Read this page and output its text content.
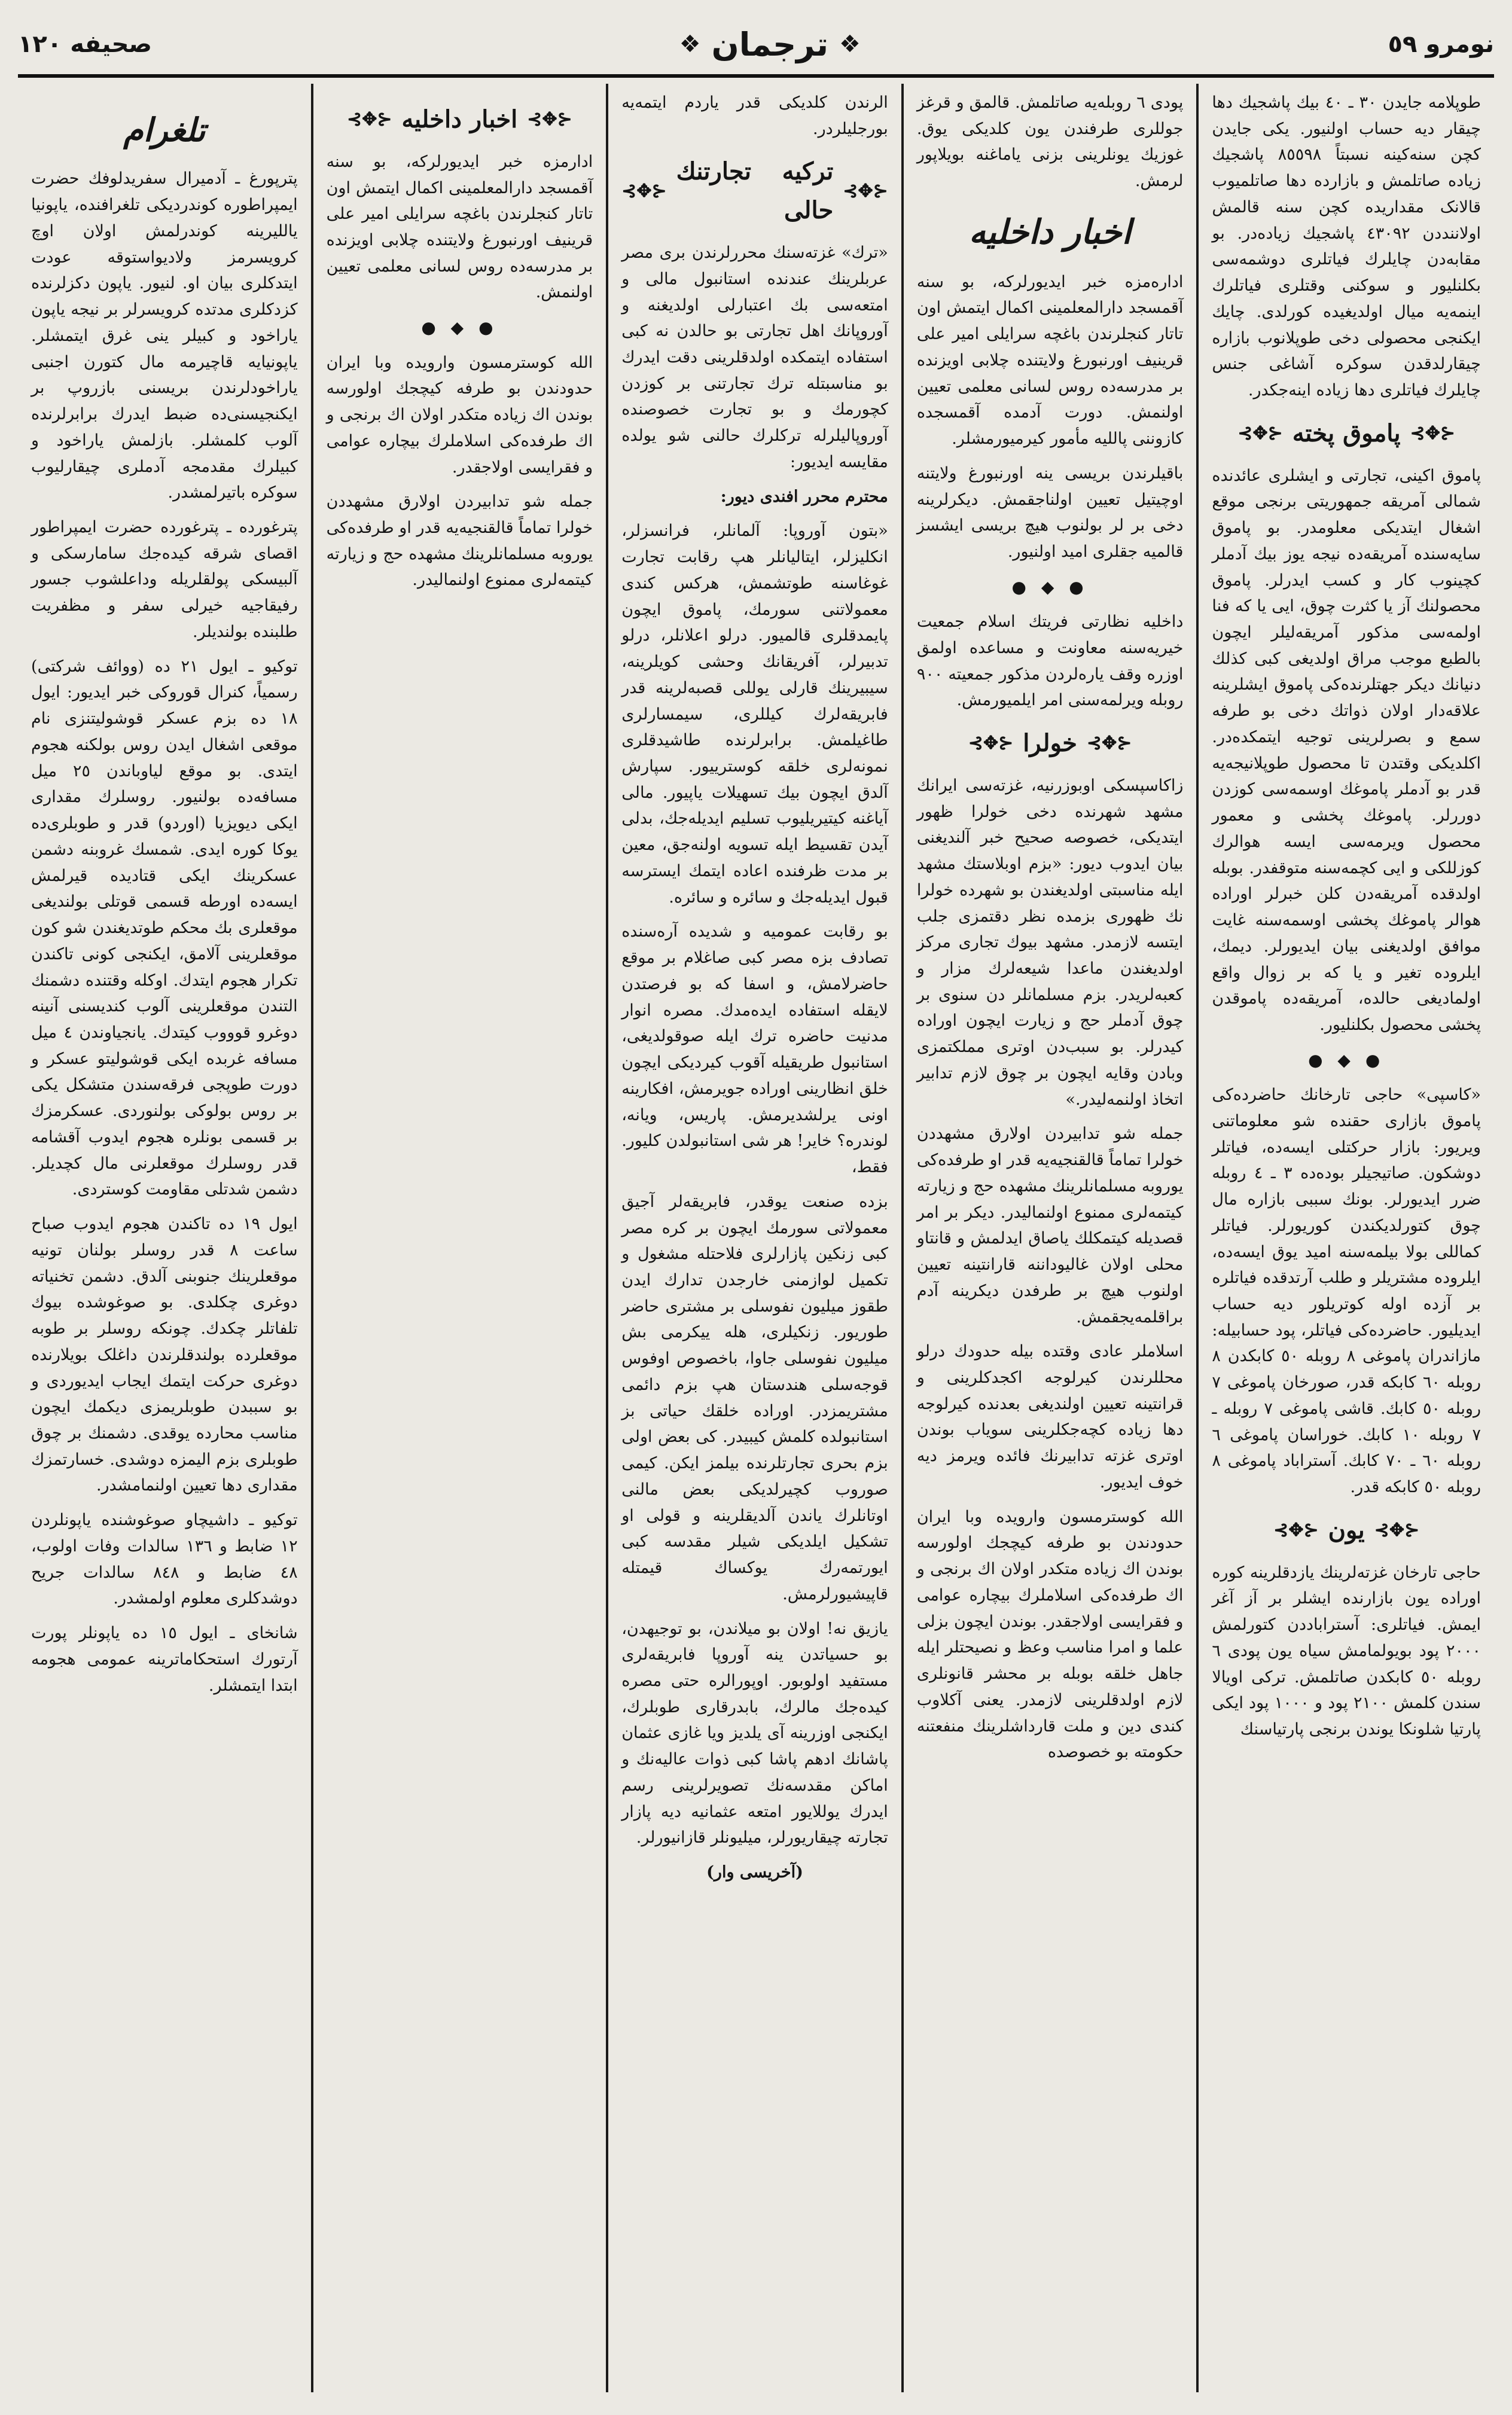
نومرو ٥٩
❖
ترجمان
❖
صحیفه ١٢٠

طوپلامه جایدن ٣٠ ـ ٤٠ بیك پاشجیك دها چیقار دیه حساب اولنیور. یکی جایدن کچن سنه‌کینه نسبتاً ٨٥٥٩٨ پاشجیك زیاده صاتلمش و بازارده دها صاتلمیوب قالانک مقداریده کچن سنه قالمش اولاننددن ٤٣٠٩٢ پاشجیك زیاده‌در. بو مقابه‌دن چایلرك فیاتلری دوشمه‌سی بکلنلیور و سوکنی وقتلری فیاتلرك اینمه‌یه میال اولدیغیده کورلدی. چایك ایکنجی محصولی دخی طوپلانوب بازاره چیقارلدقدن سوکره آشاغی جنس چایلرك فیاتلری دها زیاده اینه‌جکدر.

⊰✥⊱
پاموق پخته
⊰✥⊱

پاموق اکینی، تجارتی و ایشلری عائدنده شمالی آمریقه جمهوریتی برنجی موقع اشغال ایتدیکی معلومدر. بو پاموق سایه‌سنده آمریقه‌ده نیجه یوز بیك آدملر کچینوب کار و کسب ایدرلر. پاموق محصولنك آز یا کثرت چوق، ایی یا که فنا اولمه‌سی مذکور آمریقه‌لیلر ایچون بالطبع موجب مراق اولدیغی کبی کذلك دنیانك دیکر جهتلرنده‌کی پاموق ایشلرینه علاقه‌دار اولان ذواتك دخی بو طرفه سمع و بصرلرینی توجیه ایتمکده‌در. اکلدیکی وقتدن تا محصول طوپلانیجه‌یه قدر بو آدملر پاموغك اوسمه‌سی کوزدن دوررلر. پاموغك پخشی و معمور محصول ویرمه‌سی ایسه هوالرك کوزللکی و ایی کچمه‌سنه متوقفدر. بوبله اولدقده آمریقه‌دن کلن خبرلر اوراده هوالر پاموغك پخشی اوسمه‌سنه غایت موافق اولدیغنی بیان ایدیورلر. دیمك، ایلروده تغیر و یا که بر زوال واقع اولمادیغی حالده، آمریقه‌ده پاموقدن پخشی محصول بکلنلیور.

● ◆ ●

«کاسپی» حاجی تارخانك حاضرده‌کی پاموق بازاری حقنده شو معلوماتنی ویریور: بازار حرکتلی ایسه‌ده، فیاتلر دوشکون. صاتیجیلر بوده‌ده ٣ ـ ٤ روبله ضرر ایدیورلر. بونك سببی بازاره مال چوق کتورلدیکندن کوریورلر. فیاتلر کماللی بولا بیلمه‌سنه امید یوق ایسه‌ده، ایلروده مشتریلر و طلب آرتدقده فیاتلره بر آزده اوله کوتریلور دیه حساب ایدیلیور. حاضرده‌کی فیاتلر، پود حسابیله: مازاندران پاموغی ٨ روبله ٥٠ کابکدن ٨ روبله ٦٠ کابکه قدر، صورخان پاموغی ٧ روبله ٥٠ کابك. قاشی پاموغی ٧ روبله ـ ٧ روبله ١٠ کابك. خوراسان پاموغی ٦ روبله ٦٠ ـ ٧٠ کابك. آستراباد پاموغی ٨ روبله ٥٠ کابکه قدر.

⊰✥⊱
یون
⊰✥⊱

حاجی تارخان غزته‌لرینك یازدقلرینه کوره اوراده یون بازارنده ایشلر بر آز آغر ایمش. فیاتلری: آستراباددن کتورلمش ٢٠٠٠ پود بویولمامش سیاه یون پودی ٦ روبله ٥٠ کابکدن صاتلمش. ترکی اویالا سندن کلمش ٢١٠٠ پود و ١٠٠٠ پود ایکی پارتیا شلونکا یوندن برنجی پارتیاسنك

پودی ٦ روبله‌یه صاتلمش. قالمق و قرغز جوللری طرفندن یون کلدیکی یوق. غوزیك یونلرینی بزنی یاماغنه بویلاپور لرمش.

اخبار داخلیه

اداره‌مزه خبر ایدیورلرکه، بو سنه آقمسجد دارالمعلمینی اکمال ایتمش اون تاتار کنجلرندن باغچه سرایلی امیر علی قرینیف اورنبورغ ولایتنده چلابی اویزنده بر مدرسه‌ده روس لسانی معلمی تعیین اولنمش. دورت آدمده آقمسجده کازوننی پاللیه مأمور کیرمیورمشلر.

باقیلرندن بریسی ینه اورنبورغ ولایتنه اوچیتیل تعیین اولناجقمش. دیکرلرینه دخی بر لر بولنوب هیچ بریسی ایشسز قالمیه جقلری امید اولنیور.

● ◆ ●

داخلیه نظارتی فریتك اسلام جمعیت خیریه‌سنه معاونت و مساعده اولمق اوزره وقف یاره‌لردن مذکور جمعیته ٩٠٠ روبله ویرلمه‌سنی امر ایلمیورمش.

⊰✥⊱
خولرا
⊰✥⊱

زاکاسپسکی اوبوزرنیه، غزته‌سی ایرانك مشهد شهرنده دخی خولرا ظهور ایتدیکی، خصوصه صحیح خبر آلندیغنی بیان ایدوب دیور: «بزم اوبلاستك مشهد ایله مناسبتی اولدیغندن بو شهرده خولرا نك ظهوری بزمده نظر دقتمزی جلب ایتسه لازمدر. مشهد بیوك تجاری مرکز اولدیغندن ماعدا شیعه‌لرك مزار و کعبه‌لریدر. بزم مسلمانلر دن سنوی بر چوق آدملر حج و زیارت ایچون اوراده کیدرلر. بو سبب‌دن اوتری مملکتمزی وبادن وقایه ایچون بر چوق لازم تدابیر اتخاذ اولنمه‌لیدر.»

جمله شو تدابیردن اولارق مشهددن خولرا تماماً قالقنجیه‌یه قدر او طرفده‌کی یوروبه مسلمانلرینك مشهده حج و زیارته کیتمه‌لری ممنوع اولنمالیدر. دیکر بر امر قصدیله کیتمکلك یاصاق ایدلمش و قانتاو محلی اولان غالیوداننه قارانتینه تعیین اولنوب هیچ بر طرفدن دیکرینه آدم براقلمه‌یجقمش.

اسلاملر عادی وقتده بیله حدودك درلو محللرندن کیرلوجه اکجدکلرینی و قرانتینه تعیین اولندیغی بعدنده کیرلوجه دها زیاده کچه‌جکلرینی سویاب بوندن اوتری غزته تدابیرنك فائده ویرمز دیه خوف ایدیور.

الله کوسترمسون وارویده وبا ایران حدودندن بو طرفه کیچجك اولورسه بوندن اك زیاده متکدر اولان اك برنجی و اك طرفده‌کی اسلاملرك بیچاره عوامی و فقرایسی اولاجقدر. بوندن ایچون بزلی علما و امرا مناسب وعظ و نصیحتلر ایله جاهل خلقه بوبله بر محشر قانونلری لازم اولدقلرینی لازمدر. یعنی آکلاوب کندی دین و ملت قارداشلرینك منفعتنه حکومته بو خصوصده

الرندن کلدیکی قدر یاردم ایتمه‌یه بورجلیلردر.

⊰✥⊱
ترکیه تجارتنك حالی
⊰✥⊱

«ترك» غزته‌سنك محررلرندن بری مصر عربلرینك عندنده استانبول مالی و امتعه‌سی بك اعتبارلی اولدیغنه و آوروپانك اهل تجارتی بو حالدن نه کبی استفاده ایتمکده اولدقلرینی دقت ایدرك بو مناسبتله ترك تجارتنی بر کوزدن کچورمك و بو تجارت خصوصنده آوروپالیلرله ترکلرك حالنی شو یولده مقایسه ایدیور:

محترم محرر افندی دیور:

«بتون آوروپا: آلمانلر، فرانسزلر، انکلیزلر، ایتالیانلر هپ رقابت تجارت غوغاسنه طوتشمش، هرکس کندی معمولاتنی سورمك، پاموق ایچون پایمدقلری قالمیور. درلو اعلانلر، درلو تدبیرلر، آفریقانك وحشی کویلرینه، سیبیرینك قارلی یوللی قصبه‌لرینه قدر فابریقه‌لرك کیللری، سیمسارلری طاغیلمش. برابرلرنده طاشیدقلری نمونه‌لری خلقه کوسترییور. سپارش آلدق ایچون بیك تسهیلات یاپیور. مالی آیاغنه کیتیریلیوب تسلیم ایدیله‌جك، بدلی آیدن تقسیط ایله تسویه اولنه‌جق، معین بر مدت ظرفنده اعاده ایتمك ایسترسه قبول ایدیله‌جك و سائره و سائره.

بو رقابت عمومیه و شدیده آره‌سنده تصادف بزه مصر کبی صاغلام بر موقع حاضرلامش، و اسفا که بو فرصتدن لایقله استفاده ایده‌مدك. مصره انوار مدنیت حاضره ترك ایله صوقولدیغی، استانبول طریقیله آقوب کیردیکی ایچون خلق انظارینی اوراده جویرمش، افکارینه اونی یرلشدیرمش. پاریس، ویانه، لوندره؟ خایر! هر شی استانبولدن کلیور. فقط،

بزده صنعت یوقدر، فابریقه‌لر آجیق معمولاتی سورمك ایچون بر کره مصر کبی زنکین پازارلری فلاحتله مشغول و تکمیل لوازمنی خارجدن تدارك ایدن طقوز میلیون نفوسلی بر مشتری حاضر طوریور. زنکیلری، هله ییکرمی بش میلیون نفوسلی جاوا، باخصوص اوفوس قوجه‌سلی هندستان هپ بزم دائمی مشتریمزدر. اوراده خلقك حیاتی بز استانبولده کلمش کیبیدر. کی بعض اولی بزم بحری تجارتلرنده بیلمز ایکن. کیمی صوروب کچیرلدیکی بعض مالنی اوتانلرك یاندن آلدیقلرینه و قولی او تشکیل ایلدیکی شیلر مقدسه کبی ایورتمه‌رك یوکساك قیمتله قاپیشیورلرمش.

یازیق نه! اولان بو میلاندن، بو توجیهدن، بو حسیاتدن ینه آوروپا فابریقه‌لری مستفید اولوبور. اوپورالره حتی مصره کیده‌جك مالرك، بابدرقاری طوبلرك، ایکنجی اوزرینه آی یلدیز ویا غازی عثمان پاشانك ادهم پاشا کبی ذوات عالیه‌نك و اماکن مقدسه‌نك تصویرلرینی رسم ایدرك یوللایور امتعه عثمانیه دیه پازار تجارته چیقاریورلر، میلیونلر قازانیورلر.

(آخریسی وار)
⊰✥⊱
اخبار داخلیه
⊰✥⊱

ادارمزه خبر ایدیورلرکه، بو سنه آقمسجد دارالمعلمینی اکمال ایتمش اون تاتار کنجلرندن باغچه سرایلی امیر علی قرینیف اورنبورغ ولایتنده چلابی اویزنده بر مدرسه‌ده روس لسانی معلمی تعیین اولنمش.

● ◆ ●

الله کوسترمسون وارویده وبا ایران حدودندن بو طرفه کیچجك اولورسه بوندن اك زیاده متکدر اولان اك برنجی و اك طرفده‌کی اسلاملرك بیچاره عوامی و فقرایسی اولاجقدر.

جمله شو تدابیردن اولارق مشهددن خولرا تماماً قالقنجیه‌یه قدر او طرفده‌کی یوروبه مسلمانلرینك مشهده حج و زیارته کیتمه‌لری ممنوع اولنمالیدر.

تلغرام

پترپورغ ـ آدمیرال سفریدلوفك حضرت ایمپراطوره کوندردیکی تلغرافنده، یاپونیا یاللیرینه کوندرلمش اولان اوچ کرویسرمز ولادیواستوقه عودت ایتدکلری بیان او. لنیور. یاپون دکزلرنده کزدکلری مدتده کرویسرلر بر نیجه یاپون یاراخود و کبیلر ینی غرق ایتمشلر. یاپونیایه قاچیرمه مال کتورن اجنبی یاراخودلرندن بریسنی بازروپ بر ایکنجیسنی‌ده ضبط ایدرك برابرلرنده آلوب کلمشلر. بازلمش یاراخود و کبیلرك مقدمجه آدملری چیقارلیوب سوکره باتیرلمشدر.

پترغورده ـ پترغورده حضرت ایمپراطور اقصای شرقه کیده‌جك سامارسکی و آلبیسکی پولقلریله وداعلشوب جسور رفیقاجیه خیرلی سفر و مظفریت طلبنده بولندیلر.

توکیو ـ ایول ٢١ ده (ووائف شرکتی) رسمیاً، کنرال قوروکی خبر ایدیور: ایول ١٨ ده بزم عسکر قوشولیتنزی نام موقعی اشغال ایدن روس بولکنه هجوم ایتدی. بو موقع لیاوباندن ٢٥ میل مسافه‌ده بولنیور. روسلرك مقداری ایکی دیویزیا (اوردو) قدر و طوبلری‌ده یوکا کوره ایدی. شمسك غروبنه دشمن عسکرینك ایکی قتادیده قیرلمش ایسه‌ده اورطه قسمی قوتلی بولندیغی موقعلری بك محکم طوتدیغندن شو کون موقعلرینی آلامق، ایکنجی کونی تاکندن تکرار هجوم ایتدك. اوکله وقتنده دشمنك التندن موقعلرینی آلوب کندیسنی آنینه دوغرو قوووب کیتدك. یانجیاوندن ٤ میل مسافه غربده ایکی قوشولیتو عسکر و دورت طوپجی فرقه‌سندن متشکل یکی بر روس بولوکی بولنوردی. عسکرمزك بر قسمی بونلره هجوم ایدوب آقشامه قدر روسلرك موقعلرنی مال کچدیلر. دشمن شدتلی مقاومت کوستردی.

ایول ١٩ ده تاکندن هجوم ایدوب صباح ساعت ٨ قدر روسلر بولنان تونیه موقعلرینك جنوبنی آلدق. دشمن تخنیاته دوغری چکلدی. بو صوغوشده بیوك تلفاتلر چکدك. چونکه روسلر بر طوبه موقعلرده بولندقلرندن داغلک بویلارنده دوغری حرکت ایتمك ایجاب ایدیوردی و بو سببدن طوبلریمزی دیکمك ایچون مناسب محارده یوقدی. دشمنك بر چوق طوبلری بزم الیمزه دوشدی. خسارتمزك مقداری دها تعیین اولنمامشدر.

توکیو ـ داشیچاو صوغوشنده یاپونلردن ١٢ ضابط و ١٣٦ سالدات وفات اولوب، ٤٨ ضابط و ٨٤٨ سالدات جریح دوشدکلری معلوم اولمشدر.

شانخای ـ ایول ١٥ ده یاپونلر پورت آرتورك استحکاماترینه عمومی هجومه ابتدا ایتمشلر.
